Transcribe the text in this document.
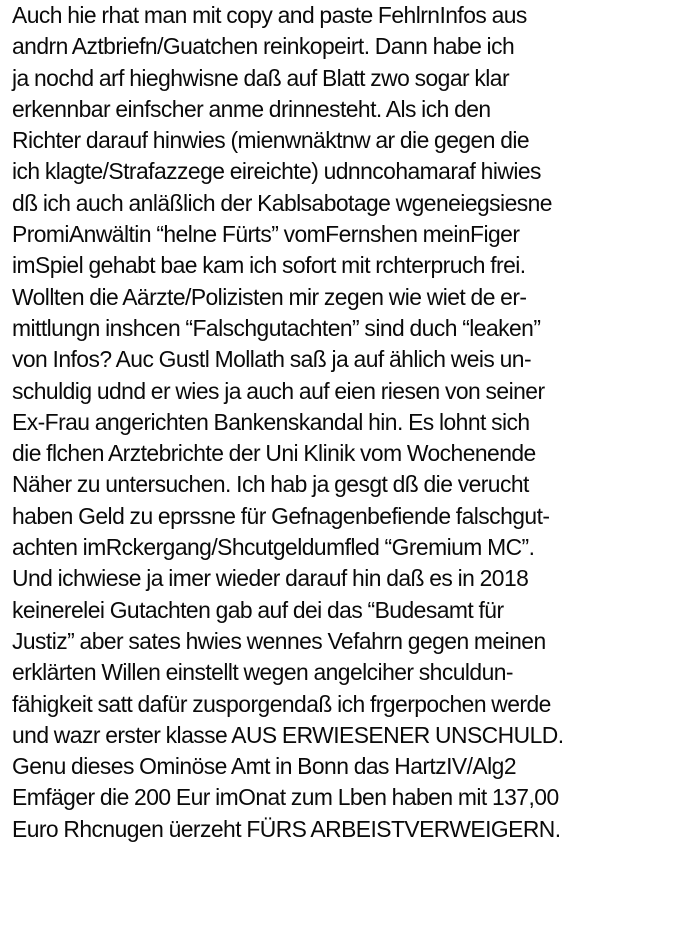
Auch hie rhat man mit copy and paste FehlrnInfos aus
andrn Aztbriefn/Guatchen reinkopeirt. Dann habe ich
ja nochd arf hieghwisne daß auf Blatt zwo sogar klar
erkennbar einfscher anme drinnesteht. Als ich den
Richter darauf hinwies (mienwnäktnw ar die gegen die
ich klagte/Strafazzege eireichte) udnncohamaraf hiwies
dß ich auch anläßlich der Kablsabotage wgeneiegsiesne
PromiAnwältin “helne Fürts” vomFernshen meinFiger
imSpiel gehabt bae kam ich sofort mit rchterpruch frei.
Wollten die Aärzte/Polizisten mir zegen wie wiet de er-
mittlungn inshcen “Falschgutachten” sind duch “leaken”
von Infos? Auc Gustl Mollath saß ja auf ählich weis un-
schuldig udnd er wies ja auch auf eien riesen von seiner
Ex-Frau angerichten Bankenskandal hin. Es lohnt sich
die flchen Arztebrichte der Uni Klinik vom Wochenende
Näher zu untersuchen. Ich hab ja gesgt dß die verucht
haben Geld zu eprssne für Gefnagenbefiende falschgut-
achten imRckergang/Shcutgeldumfled “Gremium MC”.
Und ichwiese ja imer wieder darauf hin daß es in 2018
keinerelei Gutachten gab auf dei das “Budesamt für
Justiz” aber sates hwies wennes Vefahrn gegen meinen
erklärten Willen einstellt wegen angelciher shculdun-
fähigkeit satt dafür zusporgendaß ich frgerpochen werde
und wazr erster klasse AUS ERWIESENER UNSCHULD.
Genu dieses Ominöse Amt in Bonn das HartzIV/Alg2
Emfäger die 200 Eur imOnat zum Lben haben mit 137,00
Euro Rhcnugen üerzeht FÜRS ARBEISTVERWEIGERN.
